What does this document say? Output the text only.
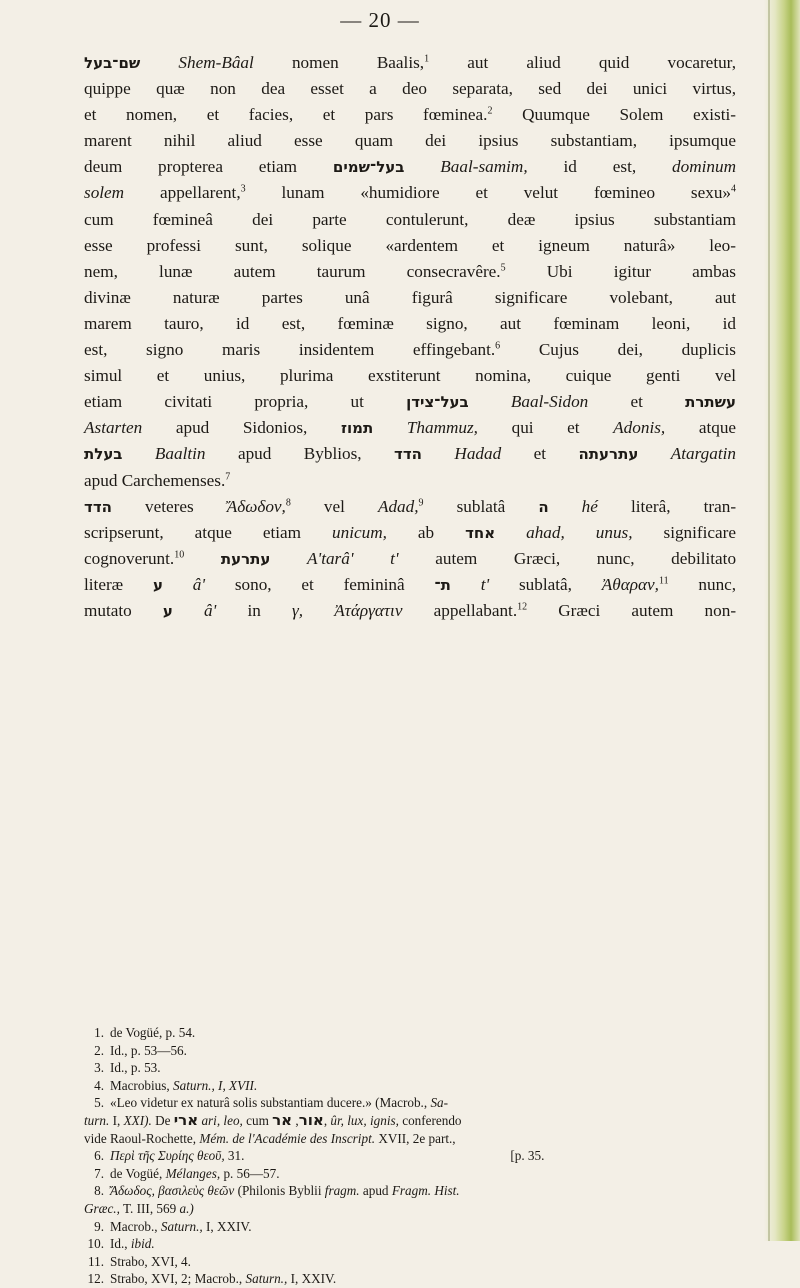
— 20 —
שם־בעל Shem-Bâal nomen Baalis,$^1$ aut aliud quid vocaretur,
quippe quæ non dea esset a deo separata, sed dei unici virtus,
et nomen, et facies, et pars fœminea.$^2$ Quumque Solem existi-
marent nihil aliud esse quam dei ipsius substantiam, ipsumque
deum propterea etiam בעל־שמים Baal-samim, id est, dominum
solem appellarent,$^3$ lunam «humidiore et velut fœmineo sexu»$^4$
cum fœmineâ dei parte contulerunt, deæ ipsius substantiam
esse professi sunt, solique «ardentem et igneum naturâ» leo-
nem, lunæ autem taurum consecravêre.$^5$ Ubi igitur ambas
divinæ naturæ partes unâ figurâ significare volebant, aut
marem tauro, id est, fœminæ signo, aut fœminam leoni, id
est, signo maris insidentem effingebant.$^6$ Cujus dei, duplicis
simul et unius, plurima exstiterunt nomina, cuique genti vel
etiam civitati propria, ut	בעל־צידן Baal-Sidon et	עשתרת
Astarten apud Sidonios, תמוז Thammuz, qui et Adonis, atque
בעלת Baaltin apud Byblios, הדד Hadad et עתרעתה Atargatin
apud Carchemenses.$^7$
הדד veteres Ἄδωδον,$^8$ vel Adad,$^9$ sublatâ ה hé literâ, tran-
scripserunt, atque etiam unicum, ab אחד ahad, unus, significare
cognoverunt.$^{10}$ עתרעת A'tarâ' t' autem Græci, nunc, debilitato
literæ ע â' sono, et femininâ ת־ t' sublatâ, Ἀθαραν,$^{11}$ nunc,
mutato ע â' in γ, Ἀτάργατιν appellabant.$^{12}$ Græci autem non-
1. de Vogüé, p. 54.
2. Id., p. 53—56.
3. Id., p. 53.
4. Macrobius, Saturn., I, XVII.
5. «Leo videtur ex naturâ solis substantiam ducere.» (Macrob., Sa-
turn. I, XXI). De ארי ari, leo, cum אור, אר , ûr, lux, ignis, conferendo
vide Raoul-Rochette, Mém. de l'Académie des Inscript. XVII, 2e part.,
6. Περὶ τῆς Συρίης θεοῦ, 31.	[p. 35.
7. de Vogüé, Mélanges, p. 56—57.
8. Ἄδωδος, βασιλεὺς θεῶν (Philonis Byblii fragm. apud Fragm. Hist.
Græc., T. III, 569 a.)
9. Macrob., Saturn., I, XXIV.
10. Id., ibid.
11. Strabo, XVI, 4.
12. Strabo, XVI, 2; Macrob., Saturn., I, XXIV.
